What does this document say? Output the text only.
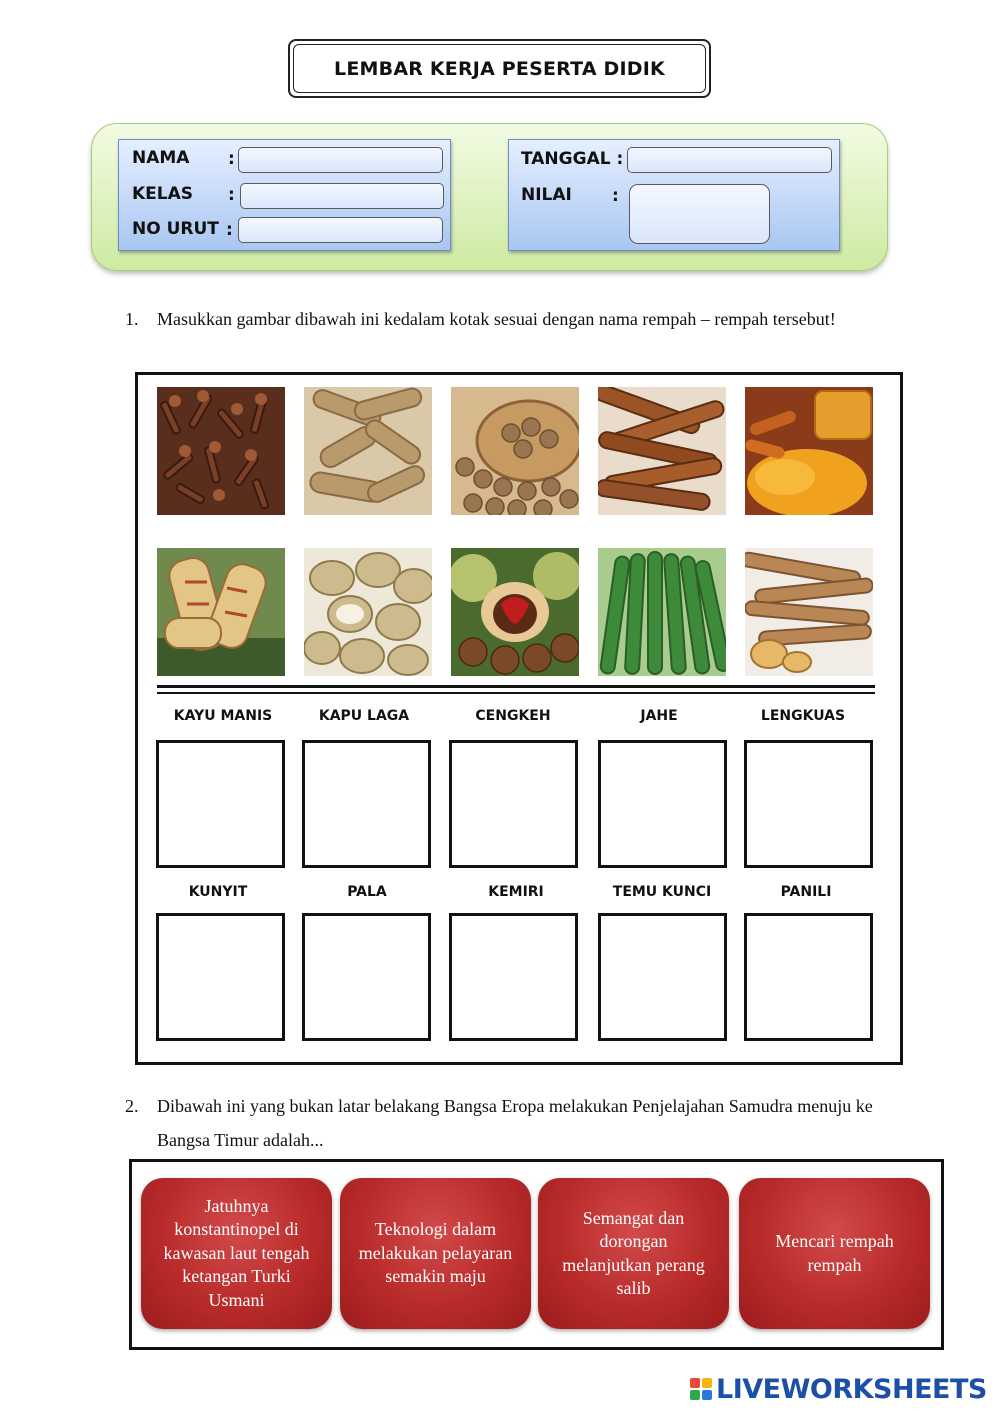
LEMBAR KERJA PESERTA DIDIK
NAMA :
KELAS :
NO URUT :
TANGGAL :
NILAI :
1. Masukkan gambar dibawah ini kedalam kotak sesuai dengan nama rempah – rempah tersebut!
KAYU MANIS	KAPU LAGA	CENGKEH	JAHE	LENGKUAS
KUNYIT	PALA	KEMIRI	TEMU KUNCI	PANILI
2. Dibawah ini yang bukan latar belakang Bangsa Eropa melakukan Penjelajahan Samudra menuju ke Bangsa Timur adalah...
Jatuhnya konstantinopel di kawasan laut tengah ketangan Turki Usmani
Teknologi dalam melakukan pelayaran semakin maju
Semangat dan dorongan melanjutkan perang salib
Mencari rempah rempah
LIVEWORKSHEETS
